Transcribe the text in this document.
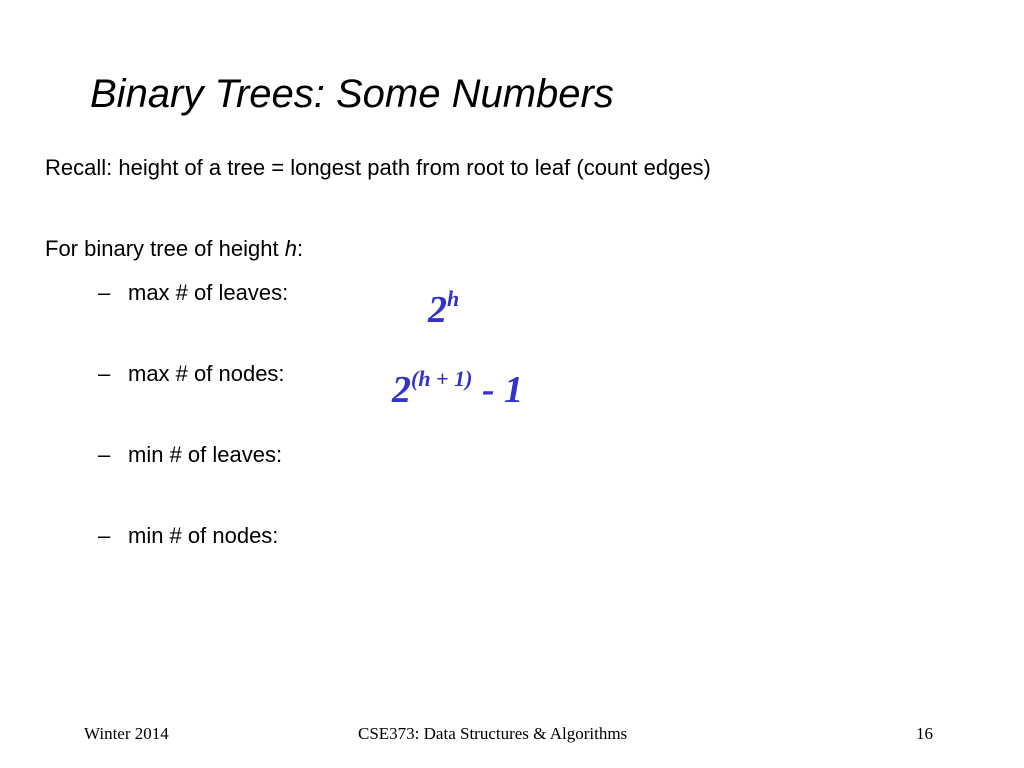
Binary Trees: Some Numbers
Recall: height of a tree = longest path from root to leaf (count edges)
For binary tree of height h:
– max # of leaves:
– max # of nodes:
– min # of leaves:
– min # of nodes:
2$^h$
$2^{(h + 1)} - 1$
Winter 2014	CSE373: Data Structures & Algorithms	16
